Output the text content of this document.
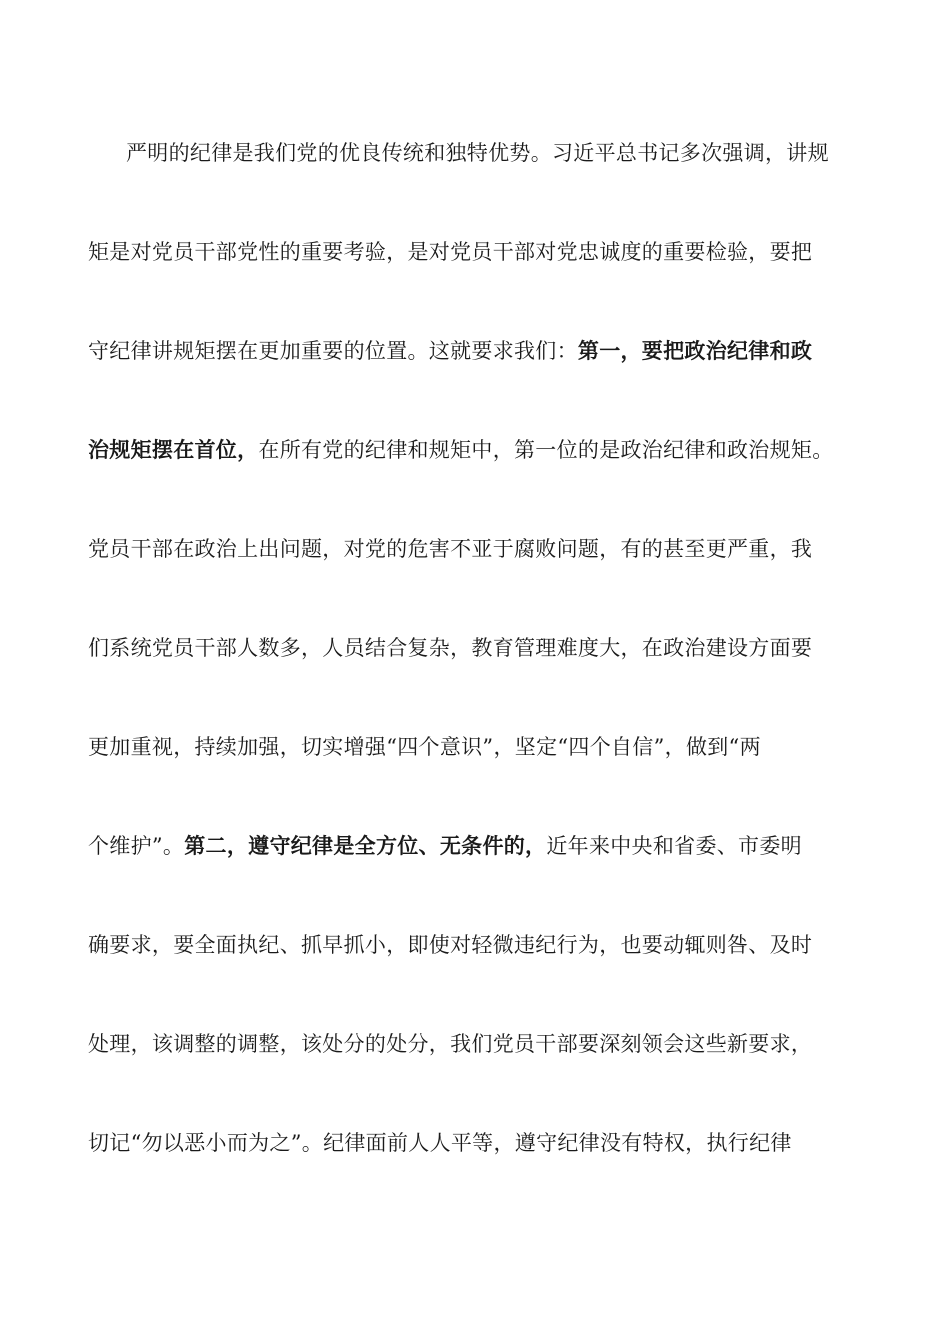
严明的纪律是我们党的优良传统和独特优势。习近平总书记多次强调，讲规
矩是对党员干部党性的重要考验，是对党员干部对党忠诚度的重要检验，要把
守纪律讲规矩摆在更加重要的位置。这就要求我们：第一，要把政治纪律和政
治规矩摆在首位，在所有党的纪律和规矩中，第一位的是政治纪律和政治规矩。
党员干部在政治上出问题，对党的危害不亚于腐败问题，有的甚至更严重，我
们系统党员干部人数多，人员结合复杂，教育管理难度大，在政治建设方面要
更加重视，持续加强，切实增强“四个意识”，坚定“四个自信”，做到“两
个维护”。第二，遵守纪律是全方位、无条件的，近年来中央和省委、市委明
确要求，要全面执纪、抓早抓小，即使对轻微违纪行为，也要动辄则咎、及时
处理，该调整的调整，该处分的处分，我们党员干部要深刻领会这些新要求，
切记“勿以恶小而为之”。纪律面前人人平等，遵守纪律没有特权，执行纪律
